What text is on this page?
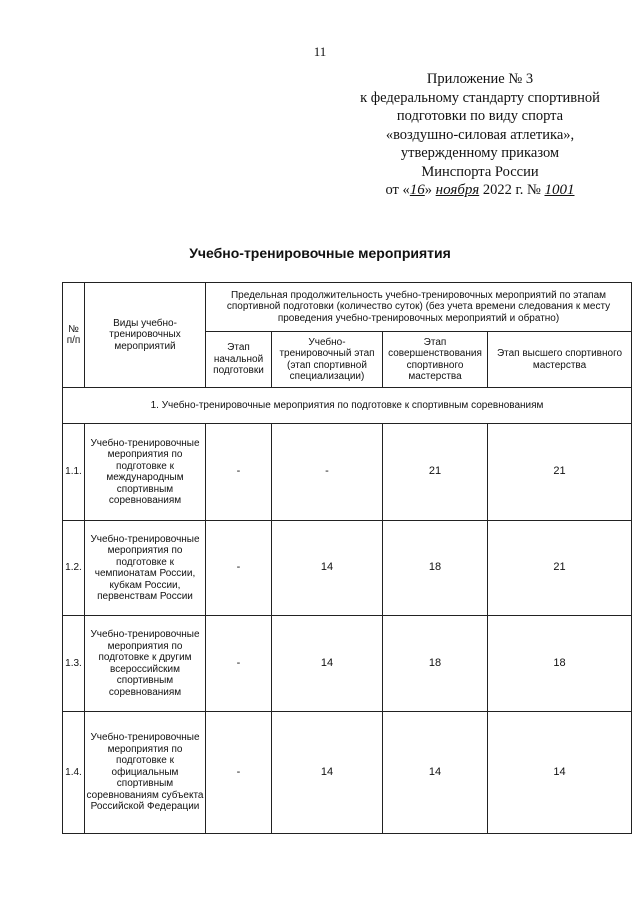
11
Приложение № 3
к федеральному стандарту спортивной
подготовки по виду спорта
«воздушно-силовая атлетика»,
утвержденному приказом
Минспорта России
от «16» ноября 2022 г. № 1001
Учебно-тренировочные мероприятия
№ п/п	Виды учебно-тренировочных мероприятий	Предельная продолжительность учебно-тренировочных мероприятий по этапам спортивной подготовки (количество суток) (без учета времени следования к месту проведения учебно-тренировочных мероприятий и обратно)			
		Этап начальной подготовки	Учебно-тренировочный этап (этап спортивной специализации)	Этап совершенствования спортивного мастерства	Этап высшего спортивного мастерства
1. Учебно-тренировочные мероприятия по подготовке к спортивным соревнованиям					
1.1.	Учебно-тренировочные мероприятия по подготовке к международным спортивным соревнованиям	-	-	21	21
1.2.	Учебно-тренировочные мероприятия по подготовке к чемпионатам России, кубкам России, первенствам России	-	14	18	21
1.3.	Учебно-тренировочные мероприятия по подготовке к другим всероссийским спортивным соревнованиям	-	14	18	18
1.4.	Учебно-тренировочные мероприятия по подготовке к официальным спортивным соревнованиям субъекта Российской Федерации	-	14	14	14
